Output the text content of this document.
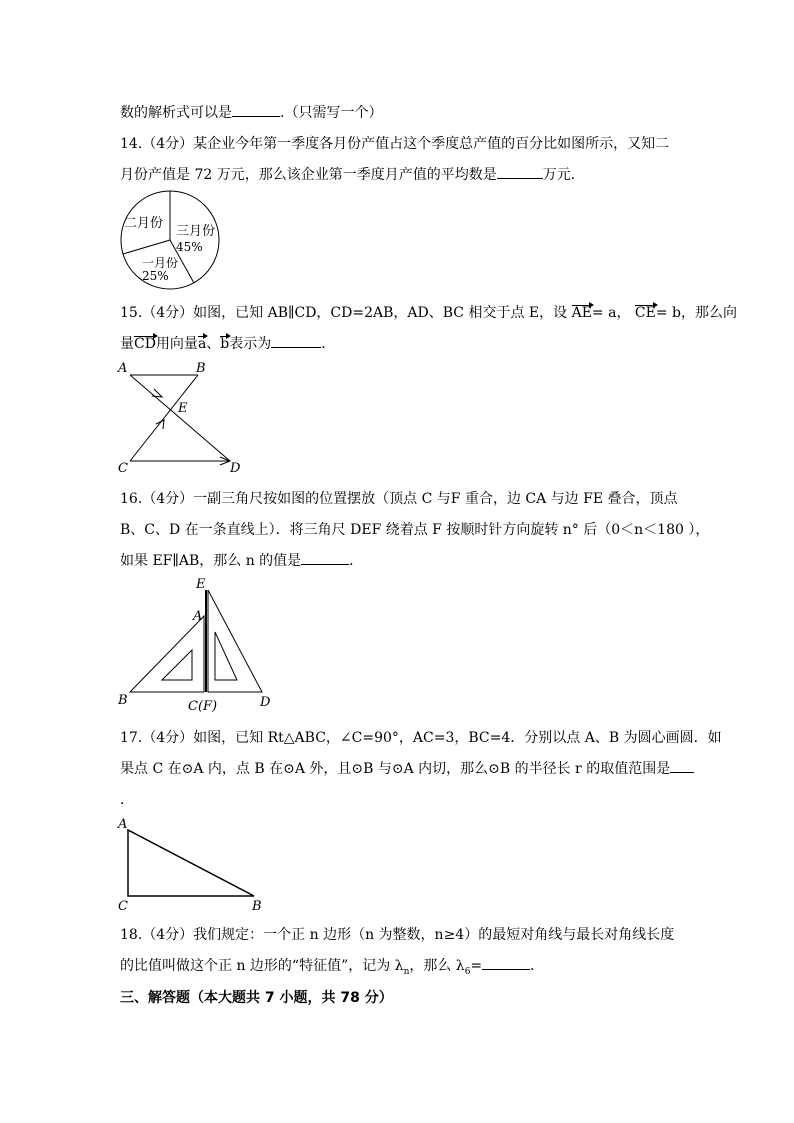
数的解析式可以是	.（只需写一个）
14.（4分）某企业今年第一季度各月份产值占这个季度总产值的百分比如图所示，又知二
月份产值是 72 万元，那么该企业第一季度月产值的平均数是	万元．
二月份
三月份
45%
一月份
25%
15.（4分）如图，已知 AB∥CD，CD=2AB，AD、BC 相交于点 E，设 AE= a， CE= b，那么向
量CD用向量a、b表示为	．
A	B
E
C	D
16.（4分）一副三角尺按如图的位置摆放（顶点 C 与F 重合，边 CA 与边 FE 叠合，顶点
B、C、D 在一条直线上）．将三角尺 DEF 绕着点 F 按顺时针方向旋转 n° 后（0＜n＜180 ），
如果 EF∥AB，那么 n 的值是	．
E
A
B	C(F)	D
17.（4分）如图，已知 Rt△ABC，∠C=90°，AC=3，BC=4．分别以点 A、B 为圆心画圆．如
果点 C 在⊙A 内，点 B 在⊙A 外，且⊙B 与⊙A 内切，那么⊙B 的半径长 r 的取值范围是
．
A
C	B
18.（4分）我们规定：一个正 n 边形（n 为整数，n≥4）的最短对角线与最长对角线长度
的比值叫做这个正 n 边形的“特征值”，记为 $\lambda_n$，那么 $\lambda_6=$	．
三、解答题（本大题共 7 小题，共 78 分）
